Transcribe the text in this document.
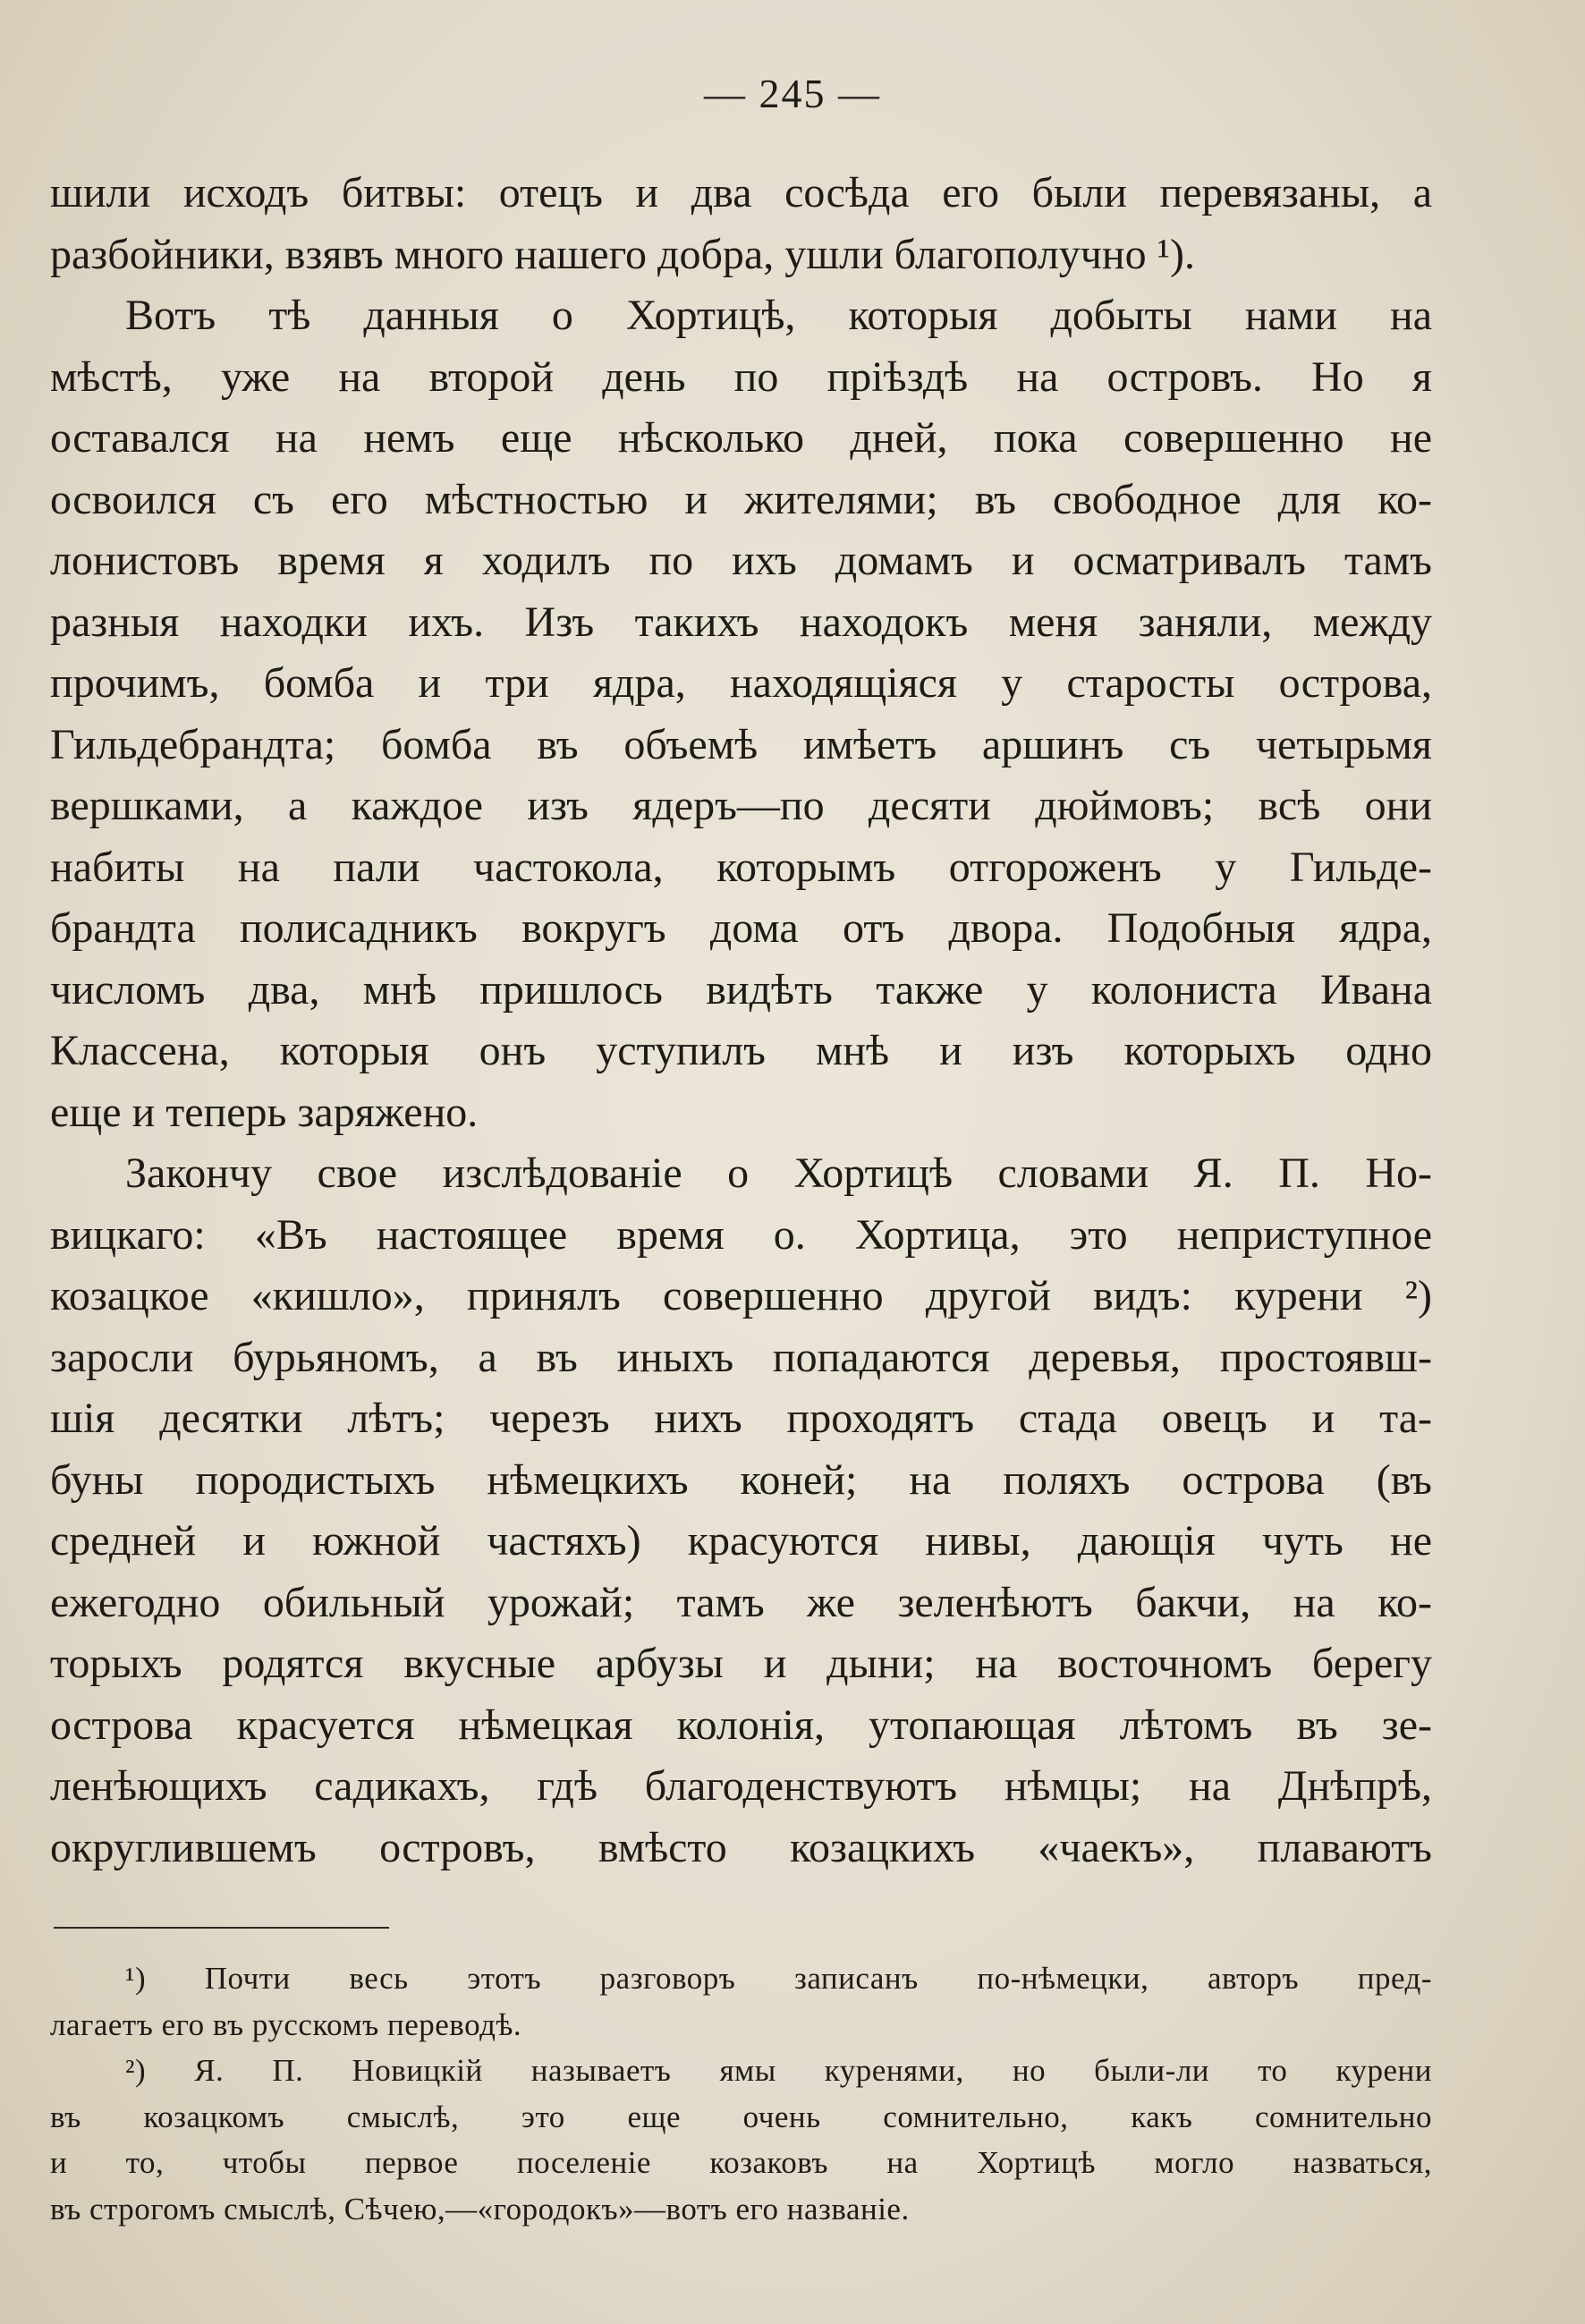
— 245 —
шили исходъ битвы: отецъ и два сосѣда его были перевязаны, а
разбойники, взявъ много нашего добра, ушли благополучно ¹).
Вотъ тѣ данныя о Хортицѣ, которыя добыты нами на
мѣстѣ, уже на второй день по пріѣздѣ на островъ. Но я
оставался на немъ еще нѣсколько дней, пока совершенно не
освоился съ его мѣстностью и жителями; въ свободное для ко-
лонистовъ время я ходилъ по ихъ домамъ и осматривалъ тамъ
разныя находки ихъ. Изъ такихъ находокъ меня заняли, между
прочимъ, бомба и три ядра, находящіяся у старосты острова,
Гильдебрандта; бомба въ объемѣ имѣетъ аршинъ съ четырьмя
вершками, а каждое изъ ядеръ—по десяти дюймовъ; всѣ они
набиты на пали частокола, которымъ отгороженъ у Гильде-
брандта полисадникъ вокругъ дома отъ двора. Подобныя ядра,
числомъ два, мнѣ пришлось видѣть также у колониста Ивана
Классена, которыя онъ уступилъ мнѣ и изъ которыхъ одно
еще и теперь заряжено.
Закончу свое изслѣдованіе о Хортицѣ словами Я. П. Но-
вицкаго: «Въ настоящее время о. Хортица, это неприступное
козацкое «кишло», принялъ совершенно другой видъ: курени ²)
заросли бурьяномъ, а въ иныхъ попадаются деревья, простоявш-
шія десятки лѣтъ; черезъ нихъ проходятъ стада овецъ и та-
буны породистыхъ нѣмецкихъ коней; на поляхъ острова (въ
средней и южной частяхъ) красуются нивы, дающія чуть не
ежегодно обильный урожай; тамъ же зеленѣютъ бакчи, на ко-
торыхъ родятся вкусные арбузы и дыни; на восточномъ берегу
острова красуется нѣмецкая колонія, утопающая лѣтомъ въ зе-
ленѣющихъ садикахъ, гдѣ благоденствуютъ нѣмцы; на Днѣпрѣ,
округлившемъ островъ, вмѣсто козацкихъ «чаекъ», плаваютъ
¹) Почти весь этотъ разговоръ записанъ по-нѣмецки, авторъ пред-
лагаетъ его въ русскомъ переводѣ.
²) Я. П. Новицкій называетъ ямы куренями, но были-ли то курени
въ козацкомъ смыслѣ, это еще очень сомнительно, какъ сомнительно
и то, чтобы первое поселеніе козаковъ на Хортицѣ могло назваться,
въ строгомъ смыслѣ, Сѣчею,—«городокъ»—вотъ его названіе.
